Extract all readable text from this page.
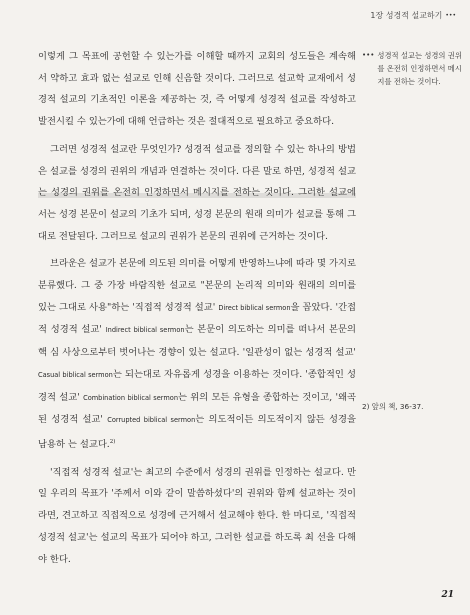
1장 성경적 설교하기 •••

이렇게 그 목표에 공헌할 수 있는가를 이해할 때까지 교회의 성도들은 계속해 서 약하고 효과 없는 설교로 인해 신음할 것이다. 그러므로 설교학 교재에서 성 경적 설교의 기초적인 이론을 제공하는 것, 즉 어떻게 성경적 설교를 작성하고 발전시킬 수 있는가에 대해 언급하는 것은 절대적으로 필요하고 중요하다.

그러면 성경적 설교란 무엇인가? 성경적 설교를 정의할 수 있는 하나의 방법 은 설교를 성경의 권위의 개념과 연결하는 것이다. 다른 말로 하면, 성경적 설교 는 성경의 권위를 온전히 인정하면서 메시지를 전하는 것이다. 그러한 설교에 서는 성경 본문이 설교의 기초가 되며, 성경 본문의 원래 의미가 설교를 통해 그 대로 전달된다. 그러므로 설교의 권위가 본문의 권위에 근거하는 것이다.

브라운은 설교가 본문에 의도된 의미를 어떻게 반영하느냐에 따라 몇 가지로 분류했다. 그 중 가장 바람직한 설교로 "본문의 논리적 의미와 원래의 의미를 있는 그대로 사용"하는 '직접적 성경적 설교' Direct biblical sermon을 꼽았다. '간접 적 성경적 설교' Indirect biblical sermon는 본문이 의도하는 의미를 떠나서 본문의 핵 심 사상으로부터 벗어나는 경향이 있는 설교다. '일관성이 없는 성경적 설교' Casual biblical sermon는 되는대로 자유롭게 성경을 이용하는 것이다. '종합적인 성 경적 설교' Combination biblical sermon는 위의 모든 유형을 종합하는 것이고, '왜곡된 성경적 설교' Corrupted biblical sermon는 의도적이든 의도적이지 않든 성경을 남용하 는 설교다.$^{2)}$

'직접적 성경적 설교'는 최고의 수준에서 성경의 권위를 인정하는 설교다. 만일 우리의 목표가 '주께서 이와 같이 말씀하셨다'의 권위와 함께 설교하는 것이라면, 견고하고 직접적으로 성경에 근거해서 설교해야 한다. 한 마디로, '직접적 성경적 설교'는 설교의 목표가 되어야 하고, 그러한 설교를 하도록 최 선을 다해야 한다.

••• 성경적 설교는 성경의 권위를 온전히 인정하면서 메시지를 전하는 것이다.
2) 앞의 책, 36-37.
21
